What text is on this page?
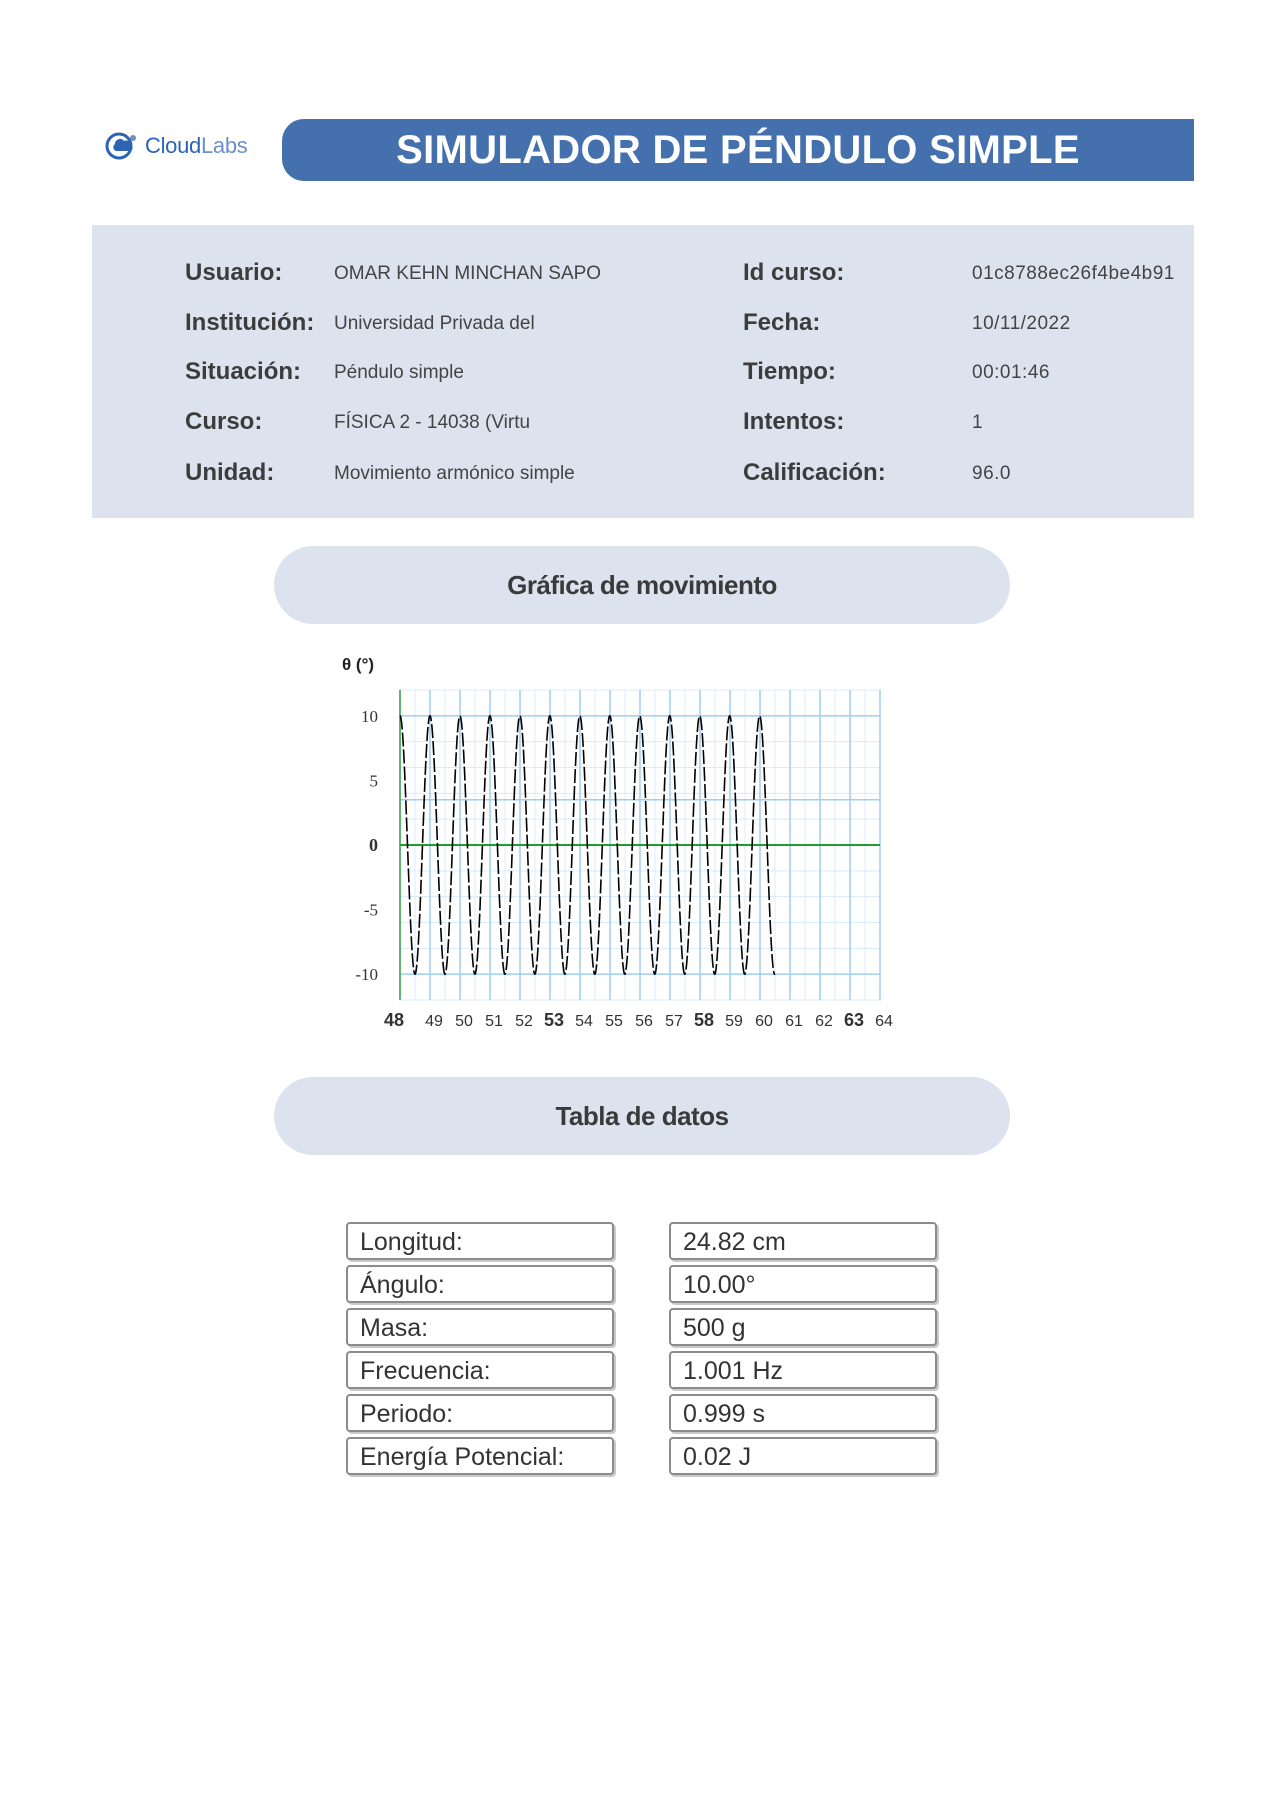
CloudLabs	SIMULADOR DE PÉNDULO SIMPLE
Usuario:	OMAR KEHN MINCHAN SAPO	Id curso:	01c8788ec26f4be4b91
Institución: Universidad Privada del	Fecha:	10/11/2022
Situación: Péndulo simple	Tiempo:	00:01:46
Curso:	FÍSICA 2 - 14038 (Virtu	Intentos:	1
Unidad:	Movimiento armónico simple	Calificación:	96.0
Gráfica de movimiento
10
5
0
-5
-10
θ (°)
48 49 50 51 52 53 54 55 56 57 58 59 60 61 62 63 64
Tabla de datos
Longitud:	24.82 cm
Ángulo:	10.00°
Masa:	500 g
Frecuencia:	1.001 Hz
Periodo:	0.999 s
Energía Potencial:	0.02 J
